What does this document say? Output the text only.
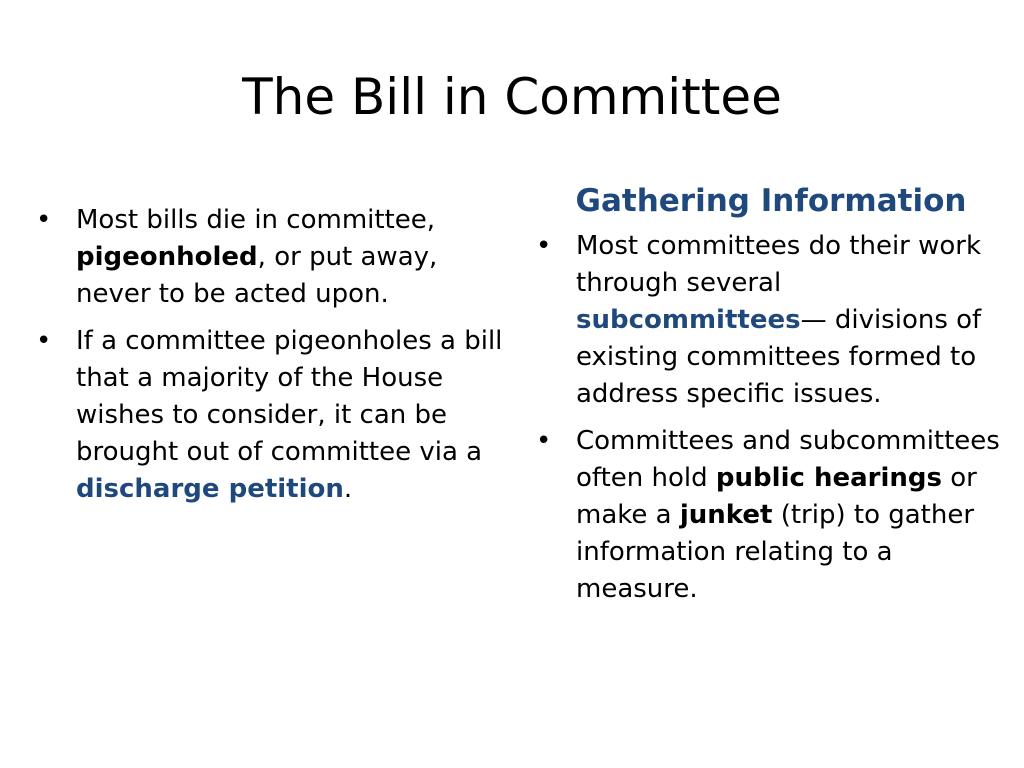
The Bill in Committee
• Most bills die in committee, pigeonholed, or put away, never to be acted upon.
• If a committee pigeonholes a bill that a majority of the House wishes to consider, it can be brought out of committee via a discharge petition.
Gathering Information
• Most committees do their work through several subcommittees— divisions of existing committees formed to address specific issues.
• Committees and subcommittees often hold public hearings or make a junket (trip) to gather information relating to a measure.
